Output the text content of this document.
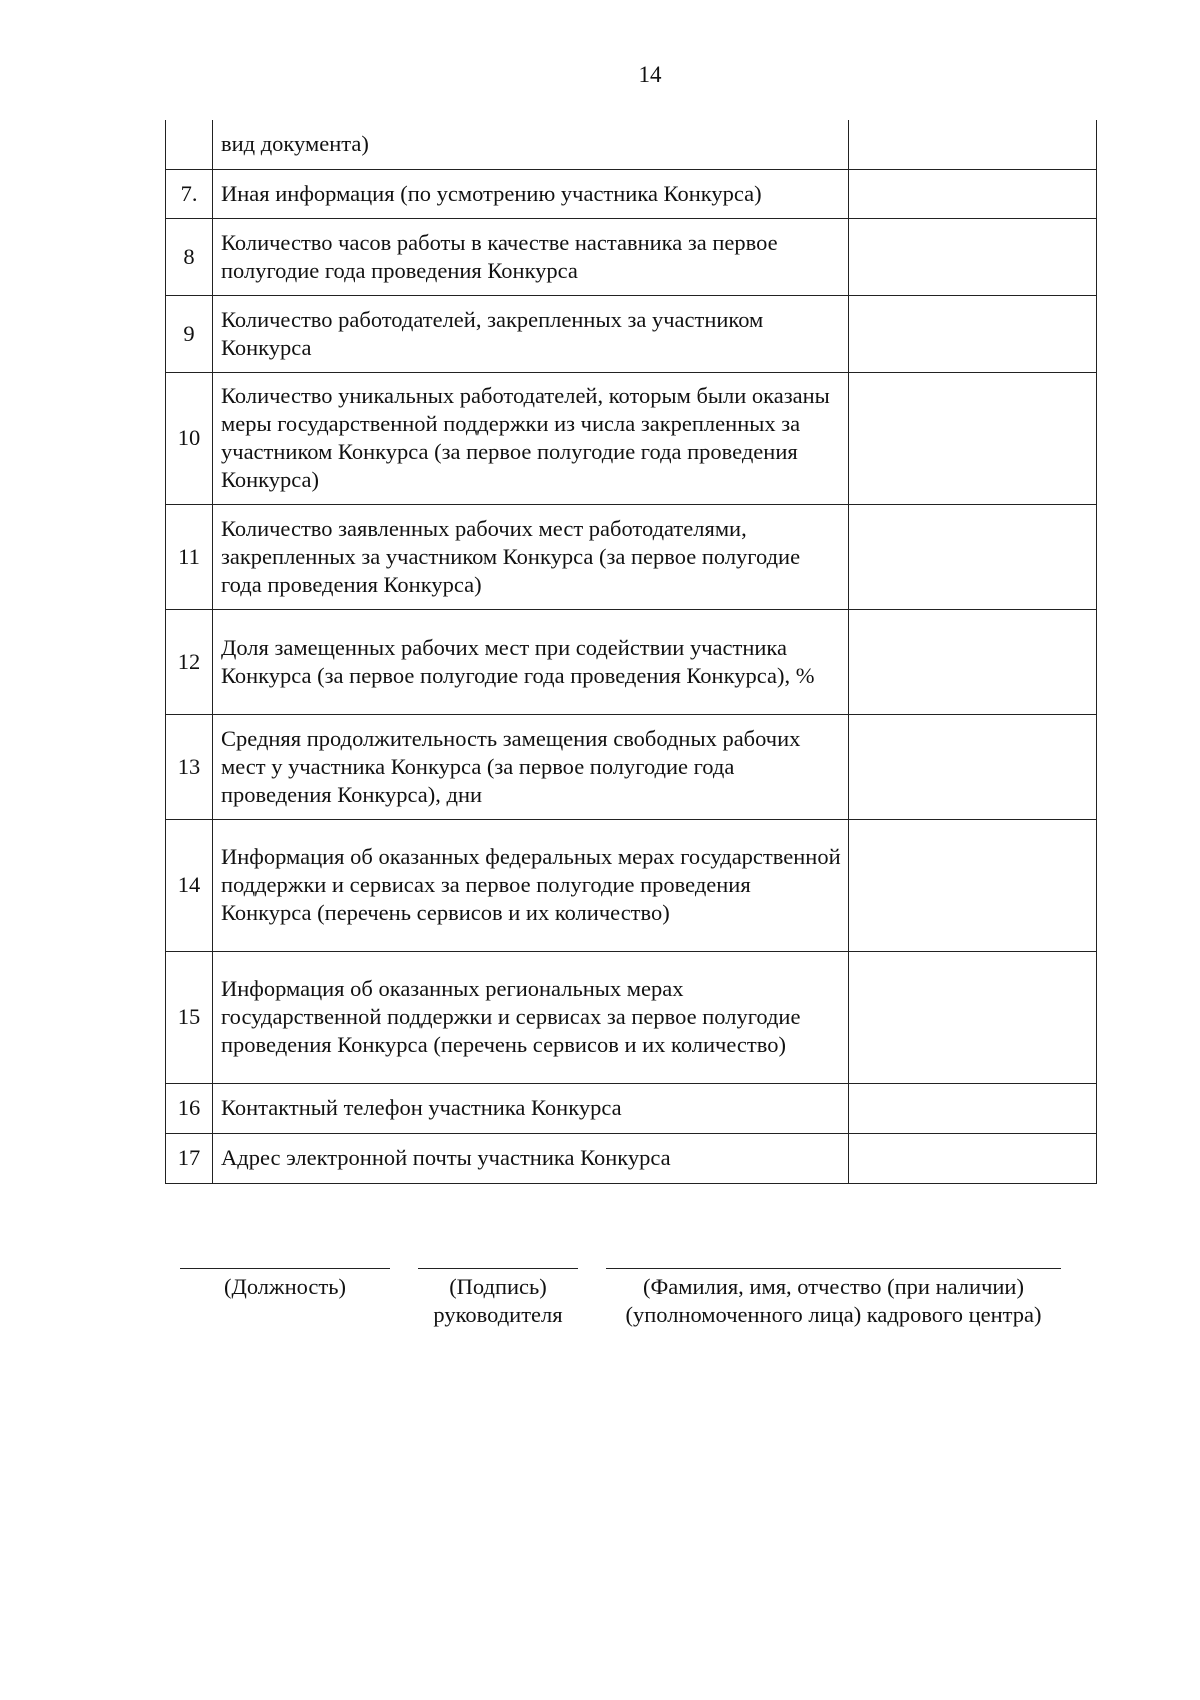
14
	вид документа)	
7.	Иная информация (по усмотрению участника Конкурса)	
8	Количество часов работы в качестве наставника за первое полугодие года проведения Конкурса	
9	Количество работодателей, закрепленных за участником Конкурса	
10	Количество уникальных работодателей, которым были оказаны меры государственной поддержки из числа закрепленных за участником Конкурса (за первое полугодие года проведения Конкурса)	
11	Количество заявленных рабочих мест работодателями, закрепленных за участником Конкурса (за первое полугодие года проведения Конкурса)	
12	Доля замещенных рабочих мест при содействии участника Конкурса (за первое полугодие года проведения Конкурса), %	
13	Средняя продолжительность замещения свободных рабочих мест у участника Конкурса (за первое полугодие года проведения Конкурса), дни	
14	Информация об оказанных федеральных мерах государственной поддержки и сервисах за первое полугодие проведения Конкурса (перечень сервисов и их количество)	
15	Информация об оказанных региональных мерах государственной поддержки и сервисах за первое полугодие проведения Конкурса (перечень сервисов и их количество)	
16	Контактный телефон участника Конкурса	
17	Адрес электронной почты участника Конкурса	
(Должность)	(Подпись)
руководителя
(Фамилия, имя, отчество (при наличии)
(уполномоченного лица) кадрового центра)
